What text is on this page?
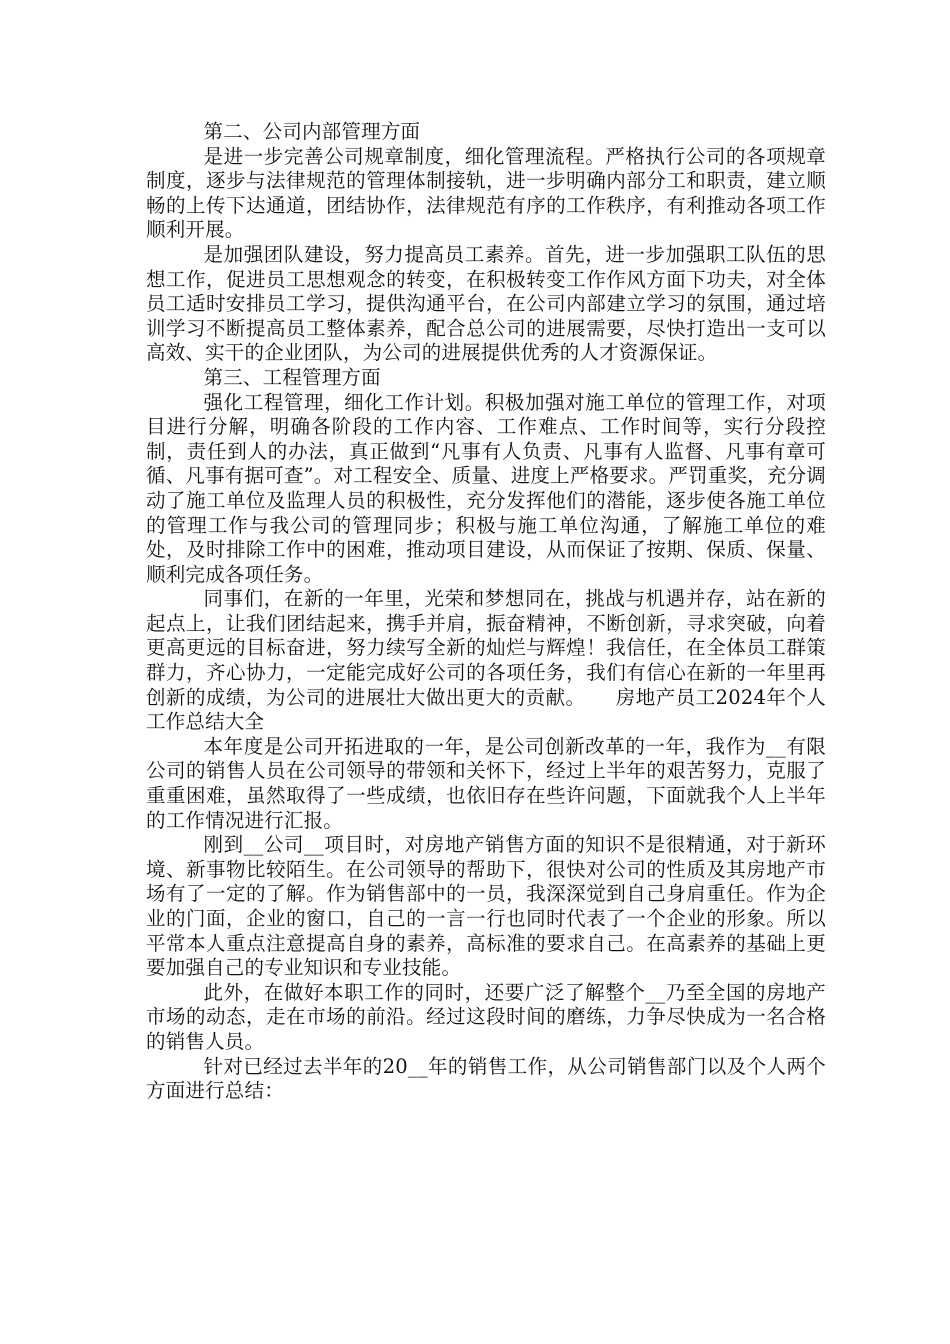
第二、公司内部管理方面

是进一步完善公司规章制度，细化管理流程。严格执行公司的各项规章制度，逐步与法律规范的管理体制接轨，进一步明确内部分工和职责，建立顺畅的上传下达通道，团结协作，法律规范有序的工作秩序，有利推动各项工作顺利开展。

是加强团队建设，努力提高员工素养。首先，进一步加强职工队伍的思想工作，促进员工思想观念的转变，在积极转变工作作风方面下功夫，对全体员工适时安排员工学习，提供沟通平台，在公司内部建立学习的氛围，通过培训学习不断提高员工整体素养，配合总公司的进展需要，尽快打造出一支可以高效、实干的企业团队，为公司的进展提供优秀的人才资源保证。

第三、工程管理方面

强化工程管理，细化工作计划。积极加强对施工单位的管理工作，对项目进行分解，明确各阶段的工作内容、工作难点、工作时间等，实行分段控制，责任到人的办法，真正做到“凡事有人负责、凡事有人监督、凡事有章可循、凡事有据可查”。对工程安全、质量、进度上严格要求。严罚重奖，充分调动了施工单位及监理人员的积极性，充分发挥他们的潜能，逐步使各施工单位的管理工作与我公司的管理同步；积极与施工单位沟通，了解施工单位的难处，及时排除工作中的困难，推动项目建设，从而保证了按期、保质、保量、顺利完成各项任务。

同事们，在新的一年里，光荣和梦想同在，挑战与机遇并存，站在新的起点上，让我们团结起来，携手并肩，振奋精神，不断创新，寻求突破，向着更高更远的目标奋进，努力续写全新的灿烂与辉煌！我信任，在全体员工群策群力，齐心协力，一定能完成好公司的各项任务，我们有信心在新的一年里再创新的成绩，为公司的进展壮大做出更大的贡献。　　房地产员工2024年个人工作总结大全

本年度是公司开拓进取的一年，是公司创新改革的一年，我作为__有限公司的销售人员在公司领导的带领和关怀下，经过上半年的艰苦努力，克服了重重困难，虽然取得了一些成绩，也依旧存在些许问题，下面就我个人上半年的工作情况进行汇报。

刚到__公司__项目时，对房地产销售方面的知识不是很精通，对于新环境、新事物比较陌生。在公司领导的帮助下，很快对公司的性质及其房地产市场有了一定的了解。作为销售部中的一员，我深深觉到自己身肩重任。作为企业的门面，企业的窗口，自己的一言一行也同时代表了一个企业的形象。所以平常本人重点注意提高自身的素养，高标准的要求自己。在高素养的基础上更要加强自己的专业知识和专业技能。

此外，在做好本职工作的同时，还要广泛了解整个__乃至全国的房地产市场的动态，走在市场的前沿。经过这段时间的磨练，力争尽快成为一名合格的销售人员。

针对已经过去半年的20__年的销售工作，从公司销售部门以及个人两个方面进行总结：
